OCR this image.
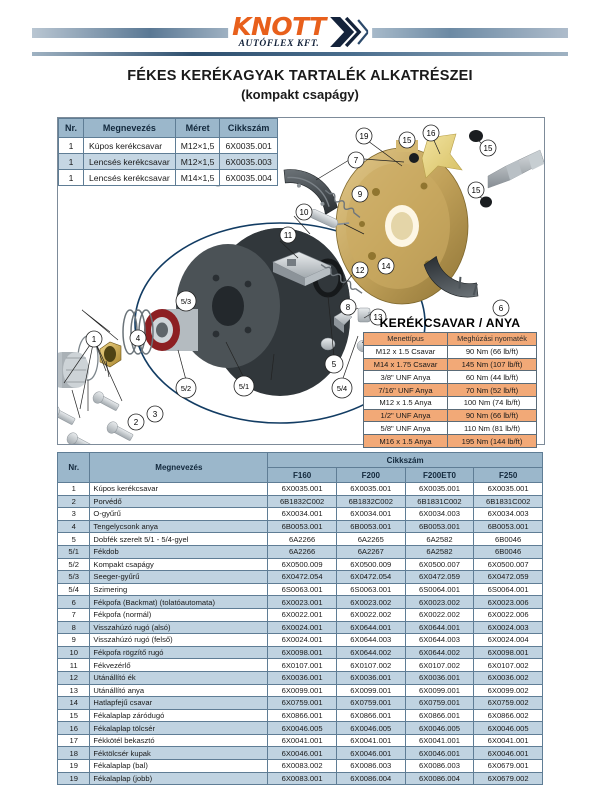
KNOTT
AUTÓFLEX KFT.
FÉKES KERÉKAGYAK TARTALÉK ALKATRÉSZEI
(kompakt csapágy)
1
2
3
4
5
5/1
5/2
5/3
5/4
6
7
8
9
10
11
12
13
14
19	15
16
15
15
Nr.	Megnevezés	Méret	Cikkszám
1	Kúpos kerékcsavar	M12×1,5	6X0035.001
1	Lencsés kerékcsavar	M12×1,5	6X0035.003
1	Lencsés kerékcsavar	M14×1,5	6X0035.004
KERÉKCSAVAR / ANYA
Menettípus	Meghúzási nyomaték
M12 x 1.5 Csavar	90 Nm (66 lb/ft)
M14 x 1.75 Csavar	145 Nm (107 lb/ft)
3/8" UNF Anya	60 Nm (44 lb/ft)
7/16" UNF Anya	70 Nm (52 lb/ft)
M12 x 1.5 Anya	100 Nm (74 lb/ft)
1/2" UNF Anya	90 Nm (66 lb/ft)
5/8" UNF Anya	110 Nm (81 lb/ft)
M16 x 1.5 Anya	195 Nm (144 lb/ft)
Nr.	Megnevezés	Cikkszám			
		F160	F200	F200ET0	F250
1	Kúpos kerékcsavar	6X0035.001	6X0035.001	6X0035.001	6X0035.001
2	Porvédő	6B1832C002	6B1832C002	6B1831C002	6B1831C002
3	O-gyűrű	6X0034.001	6X0034.001	6X0034.003	6X0034.003
4	Tengelycsonk anya	6B0053.001	6B0053.001	6B0053.001	6B0053.001
5	Dobfék szerelt 5/1 - 5/4-gyel	6A2266	6A2265	6A2582	6B0046
5/1	Fékdob	6A2266	6A2267	6A2582	6B0046
5/2	Kompakt csapágy	6X0500.009	6X0500.009	6X0500.007	6X0500.007
5/3	Seeger-gyűrű	6X0472.054	6X0472.054	6X0472.059	6X0472.059
5/4	Szimering	6S0063.001	6S0063.001	6S0064.001	6S0064.001
6	Fékpofa (Backmat) (tolatóautomata)	6X0023.001	6X0023.002	6X0023.002	6X0023.006
7	Fékpofa (normál)	6X0022.001	6X0022.002	6X0022.002	6X0022.006
8	Visszahúzó rugó (alsó)	6X0024.001	6X0644.001	6X0644.001	6X0024.003
9	Visszahúzó rugó (felső)	6X0024.001	6X0644.003	6X0644.003	6X0024.004
10	Fékpofa rögzítő rugó	6X0098.001	6X0644.002	6X0644.002	6X0098.001
11	Fékvezérlő	6X0107.001	6X0107.002	6X0107.002	6X0107.002
12	Utánállító ék	6X0036.001	6X0036.001	6X0036.001	6X0036.002
13	Utánállító anya	6X0099.001	6X0099.001	6X0099.001	6X0099.002
14	Hatlapfejű csavar	6X0759.001	6X0759.001	6X0759.001	6X0759.002
15	Fékalaplap záródugó	6X0866.001	6X0866.001	6X0866.001	6X0866.002
16	Fékalaplap tölcsér	6X0046.005	6X0046.005	6X0046.005	6X0046.005
17	Fékkötél bekasztó	6X0041.001	6X0041.001	6X0041.001	6X0041.001
18	Féktölcsér kupak	6X0046.001	6X0046.001	6X0046.001	6X0046.001
19	Fékalaplap (bal)	6X0083.002	6X0086.003	6X0086.003	6X0679.001
19	Fékalaplap (jobb)	6X0083.001	6X0086.004	6X0086.004	6X0679.002
